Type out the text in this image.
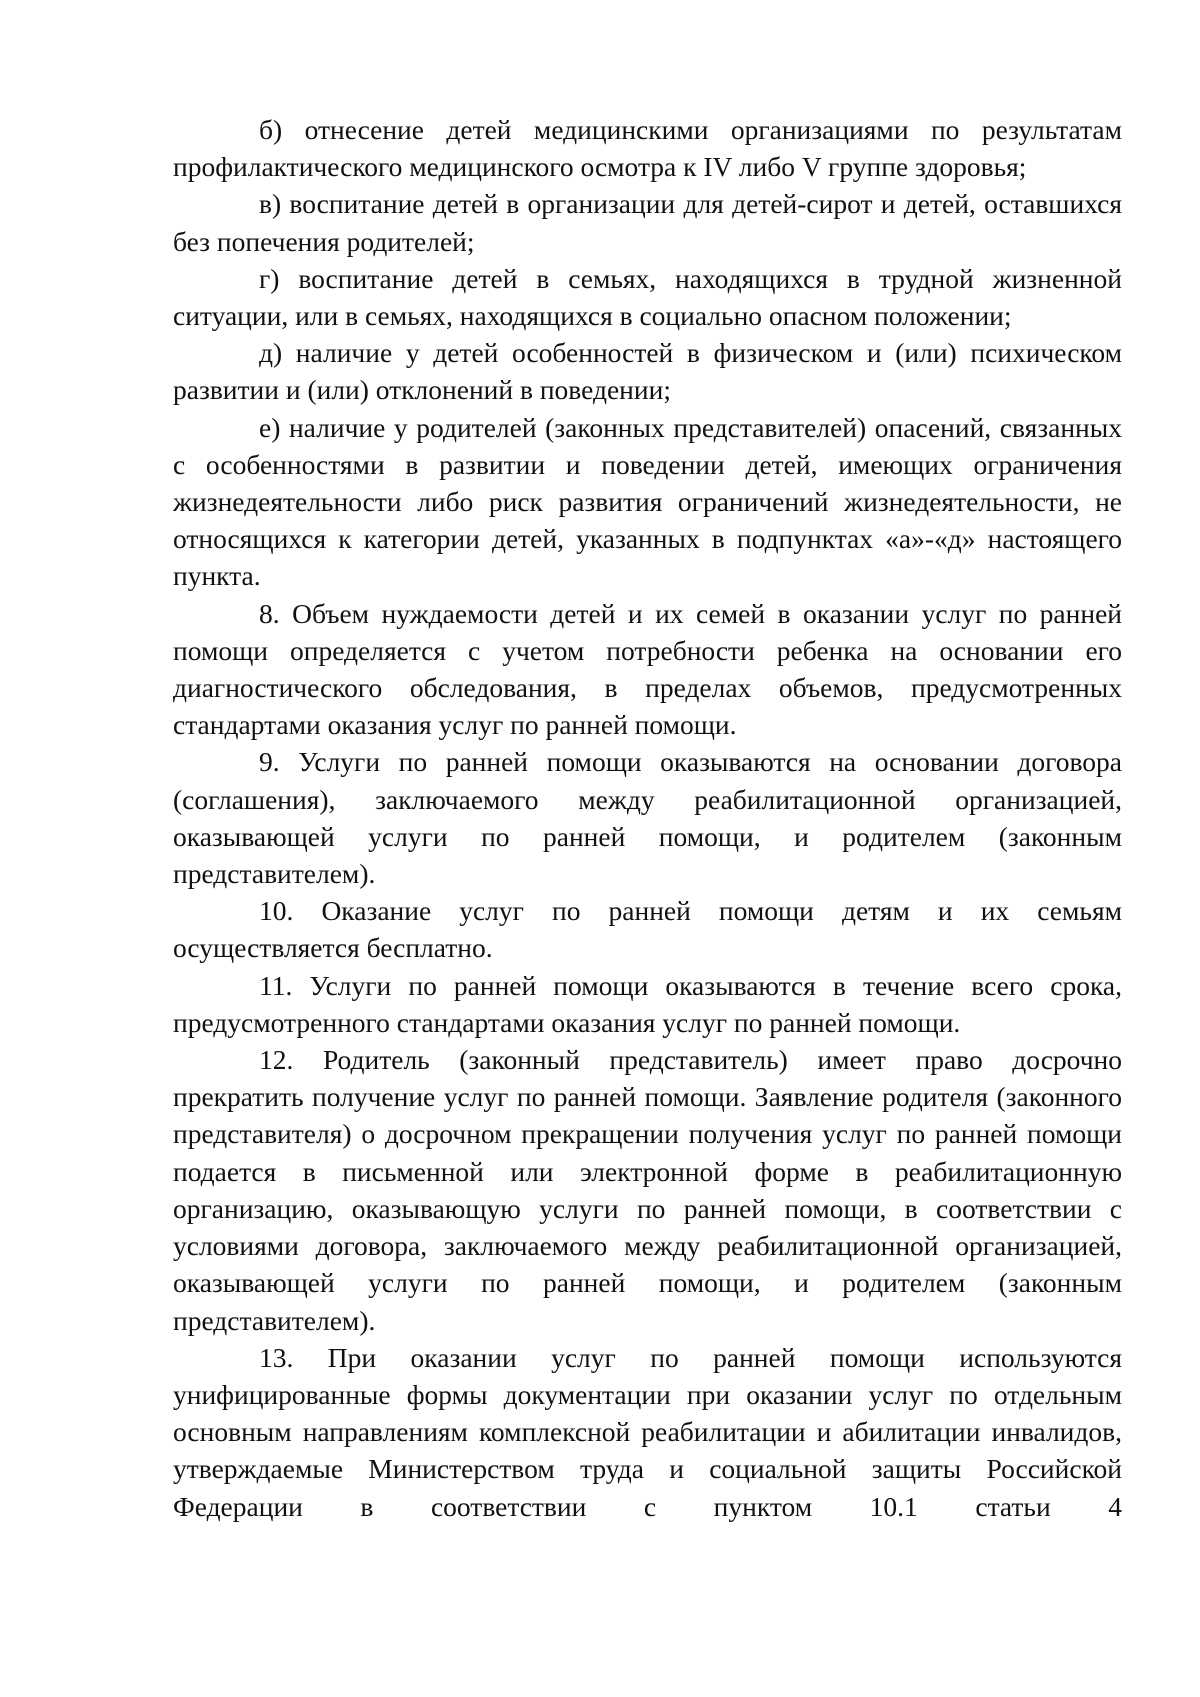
б) отнесение детей медицинскими организациями по результатам профилактического медицинского осмотра к IV либо V группе здоровья;

в) воспитание детей в организации для детей-сирот и детей, оставшихся без попечения родителей;

г) воспитание детей в семьях, находящихся в трудной жизненной ситуации, или в семьях, находящихся в социально опасном положении;

д) наличие у детей особенностей в физическом и (или) психическом развитии и (или) отклонений в поведении;

е) наличие у родителей (законных представителей) опасений, связанных с особенностями в развитии и поведении детей, имеющих ограничения жизнедеятельности либо риск развития ограничений жизнедеятельности, не относящихся к категории детей, указанных в подпунктах «а»-«д» настоящего пункта.

8. Объем нуждаемости детей и их семей в оказании услуг по ранней помощи определяется с учетом потребности ребенка на основании его диагностического обследования, в пределах объемов, предусмотренных стандартами оказания услуг по ранней помощи.

9. Услуги по ранней помощи оказываются на основании договора (соглашения), заключаемого между реабилитационной организацией, оказывающей услуги по ранней помощи, и родителем (законным представителем).

10. Оказание услуг по ранней помощи детям и их семьям осуществляется бесплатно.

11. Услуги по ранней помощи оказываются в течение всего срока, предусмотренного стандартами оказания услуг по ранней помощи.

12. Родитель (законный представитель) имеет право досрочно прекратить получение услуг по ранней помощи. Заявление родителя (законного представителя) о досрочном прекращении получения услуг по ранней помощи подается в письменной или электронной форме в реабилитационную организацию, оказывающую услуги по ранней помощи, в соответствии с условиями договора, заключаемого между реабилитационной организацией, оказывающей услуги по ранней помощи, и родителем (законным представителем).

13. При оказании услуг по ранней помощи используются унифицированные формы документации при оказании услуг по отдельным основным направлениям комплексной реабилитации и абилитации инвалидов, утверждаемые Министерством труда и социальной защиты Российской Федерации в соответствии с пунктом 10.1 статьи 4
